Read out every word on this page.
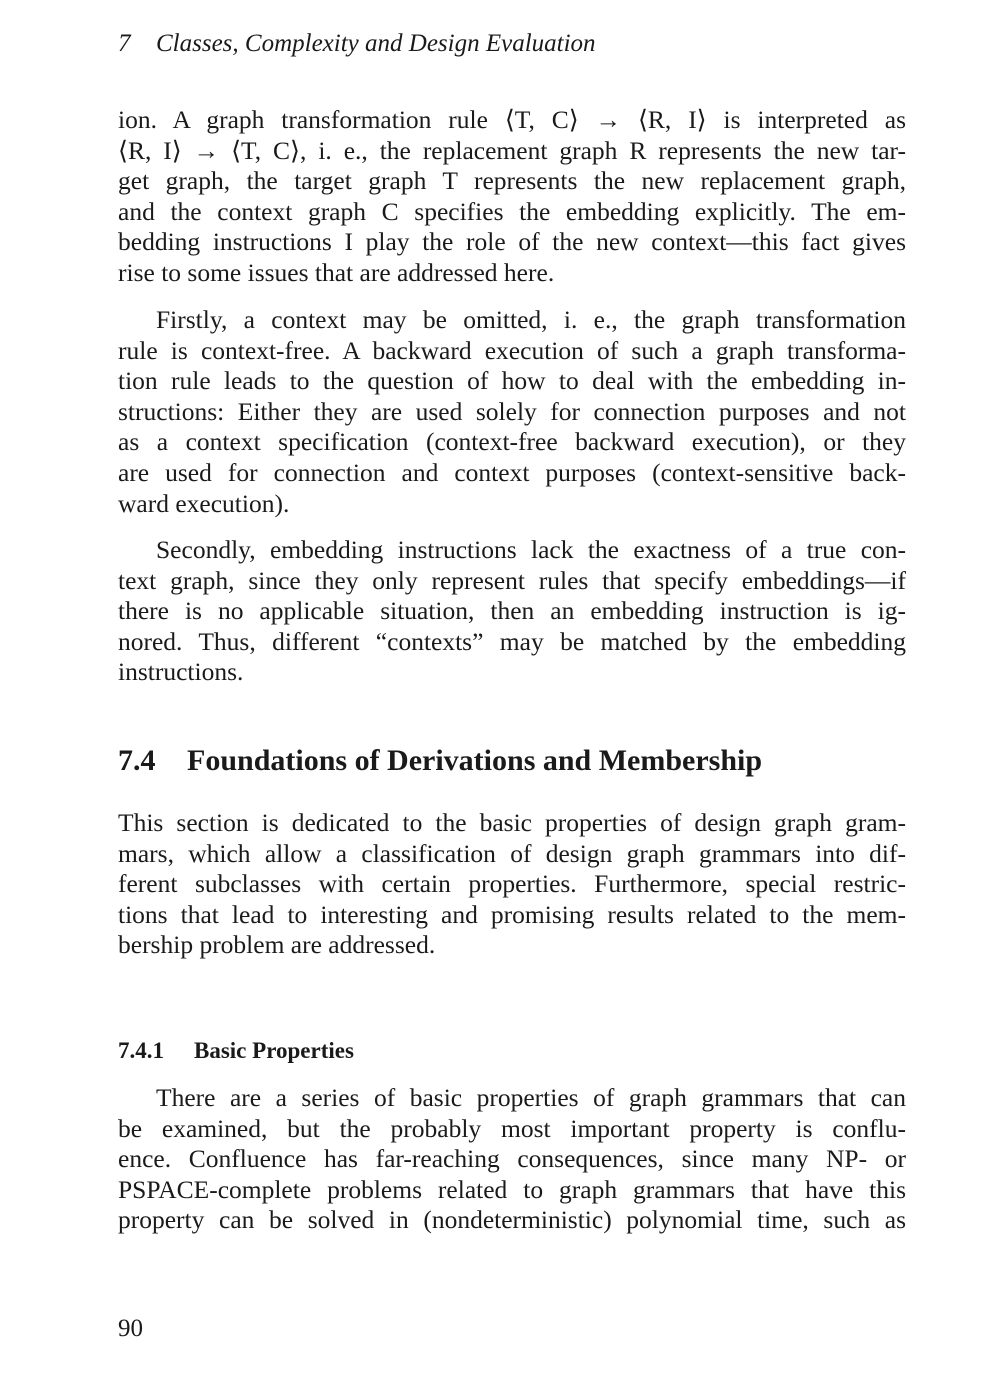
7 Classes, Complexity and Design Evaluation
ion. A graph transformation rule ⟨T, C⟩ → ⟨R, I⟩ is interpreted as
⟨R, I⟩ → ⟨T, C⟩, i. e., the replacement graph R represents the new tar-
get graph, the target graph T represents the new replacement graph,
and the context graph C specifies the embedding explicitly. The em-
bedding instructions I play the role of the new context—this fact gives
rise to some issues that are addressed here.
Firstly, a context may be omitted, i. e., the graph transformation
rule is context-free. A backward execution of such a graph transforma-
tion rule leads to the question of how to deal with the embedding in-
structions: Either they are used solely for connection purposes and not
as a context specification (context-free backward execution), or they
are used for connection and context purposes (context-sensitive back-
ward execution).
Secondly, embedding instructions lack the exactness of a true con-
text graph, since they only represent rules that specify embeddings—if
there is no applicable situation, then an embedding instruction is ig-
nored. Thus, different “contexts” may be matched by the embedding
instructions.
7.4 Foundations of Derivations and Membership
This section is dedicated to the basic properties of design graph gram-
mars, which allow a classification of design graph grammars into dif-
ferent subclasses with certain properties. Furthermore, special restric-
tions that lead to interesting and promising results related to the mem-
bership problem are addressed.
7.4.1 Basic Properties
There are a series of basic properties of graph grammars that can
be examined, but the probably most important property is conflu-
ence. Confluence has far-reaching consequences, since many NP- or
PSPACE-complete problems related to graph grammars that have this
property can be solved in (nondeterministic) polynomial time, such as
90
